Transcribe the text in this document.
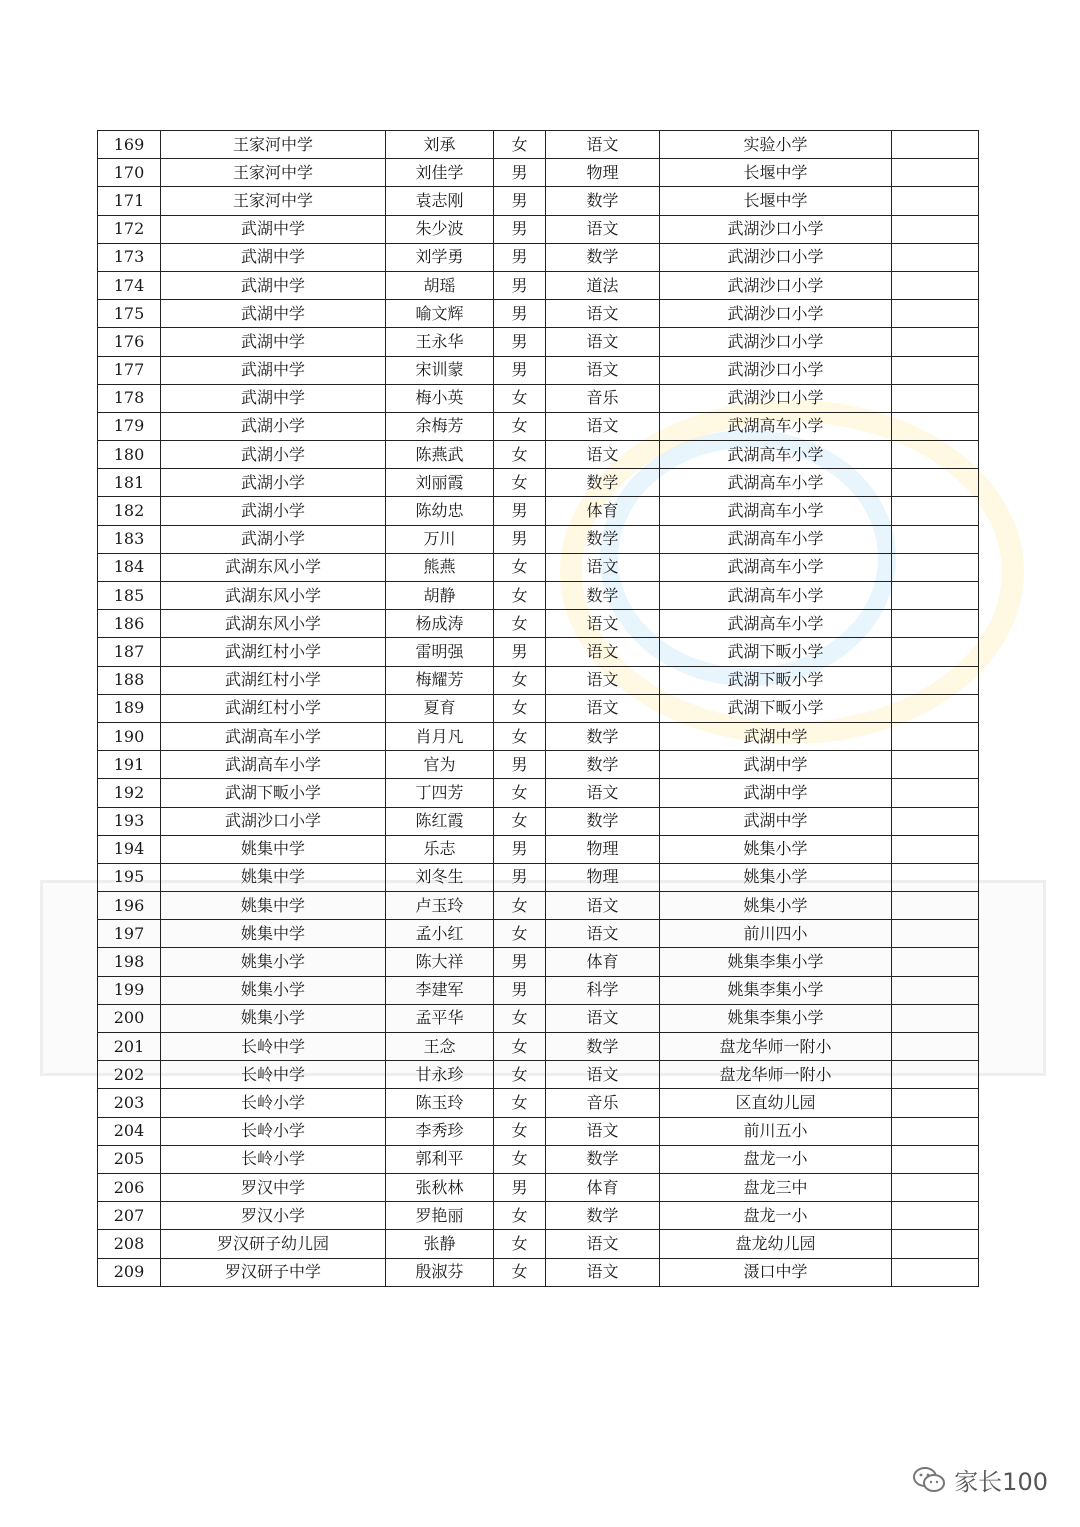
169	王家河中学	刘承	女	语文	实验小学	
170	王家河中学	刘佳学	男	物理	长堰中学	
171	王家河中学	袁志刚	男	数学	长堰中学	
172	武湖中学	朱少波	男	语文	武湖沙口小学	
173	武湖中学	刘学勇	男	数学	武湖沙口小学	
174	武湖中学	胡瑶	男	道法	武湖沙口小学	
175	武湖中学	喻文辉	男	语文	武湖沙口小学	
176	武湖中学	王永华	男	语文	武湖沙口小学	
177	武湖中学	宋训蒙	男	语文	武湖沙口小学	
178	武湖中学	梅小英	女	音乐	武湖沙口小学	
179	武湖小学	余梅芳	女	语文	武湖高车小学	
180	武湖小学	陈燕武	女	语文	武湖高车小学	
181	武湖小学	刘丽霞	女	数学	武湖高车小学	
182	武湖小学	陈幼忠	男	体育	武湖高车小学	
183	武湖小学	万川	男	数学	武湖高车小学	
184	武湖东风小学	熊燕	女	语文	武湖高车小学	
185	武湖东风小学	胡静	女	数学	武湖高车小学	
186	武湖东风小学	杨成涛	女	语文	武湖高车小学	
187	武湖红村小学	雷明强	男	语文	武湖下畈小学	
188	武湖红村小学	梅耀芳	女	语文	武湖下畈小学	
189	武湖红村小学	夏育	女	语文	武湖下畈小学	
190	武湖高车小学	肖月凡	女	数学	武湖中学	
191	武湖高车小学	官为	男	数学	武湖中学	
192	武湖下畈小学	丁四芳	女	语文	武湖中学	
193	武湖沙口小学	陈红霞	女	数学	武湖中学	
194	姚集中学	乐志	男	物理	姚集小学	
195	姚集中学	刘冬生	男	物理	姚集小学	
196	姚集中学	卢玉玲	女	语文	姚集小学	
197	姚集中学	孟小红	女	语文	前川四小	
198	姚集小学	陈大祥	男	体育	姚集李集小学	
199	姚集小学	李建军	男	科学	姚集李集小学	
200	姚集小学	孟平华	女	语文	姚集李集小学	
201	长岭中学	王念	女	数学	盘龙华师一附小	
202	长岭中学	甘永珍	女	语文	盘龙华师一附小	
203	长岭小学	陈玉玲	女	音乐	区直幼儿园	
204	长岭小学	李秀珍	女	语文	前川五小	
205	长岭小学	郭利平	女	数学	盘龙一小	
206	罗汉中学	张秋林	男	体育	盘龙三中	
207	罗汉小学	罗艳丽	女	数学	盘龙一小	
208	罗汉研子幼儿园	张静	女	语文	盘龙幼儿园	
209	罗汉研子中学	殷淑芬	女	语文	滠口中学	
家长100
